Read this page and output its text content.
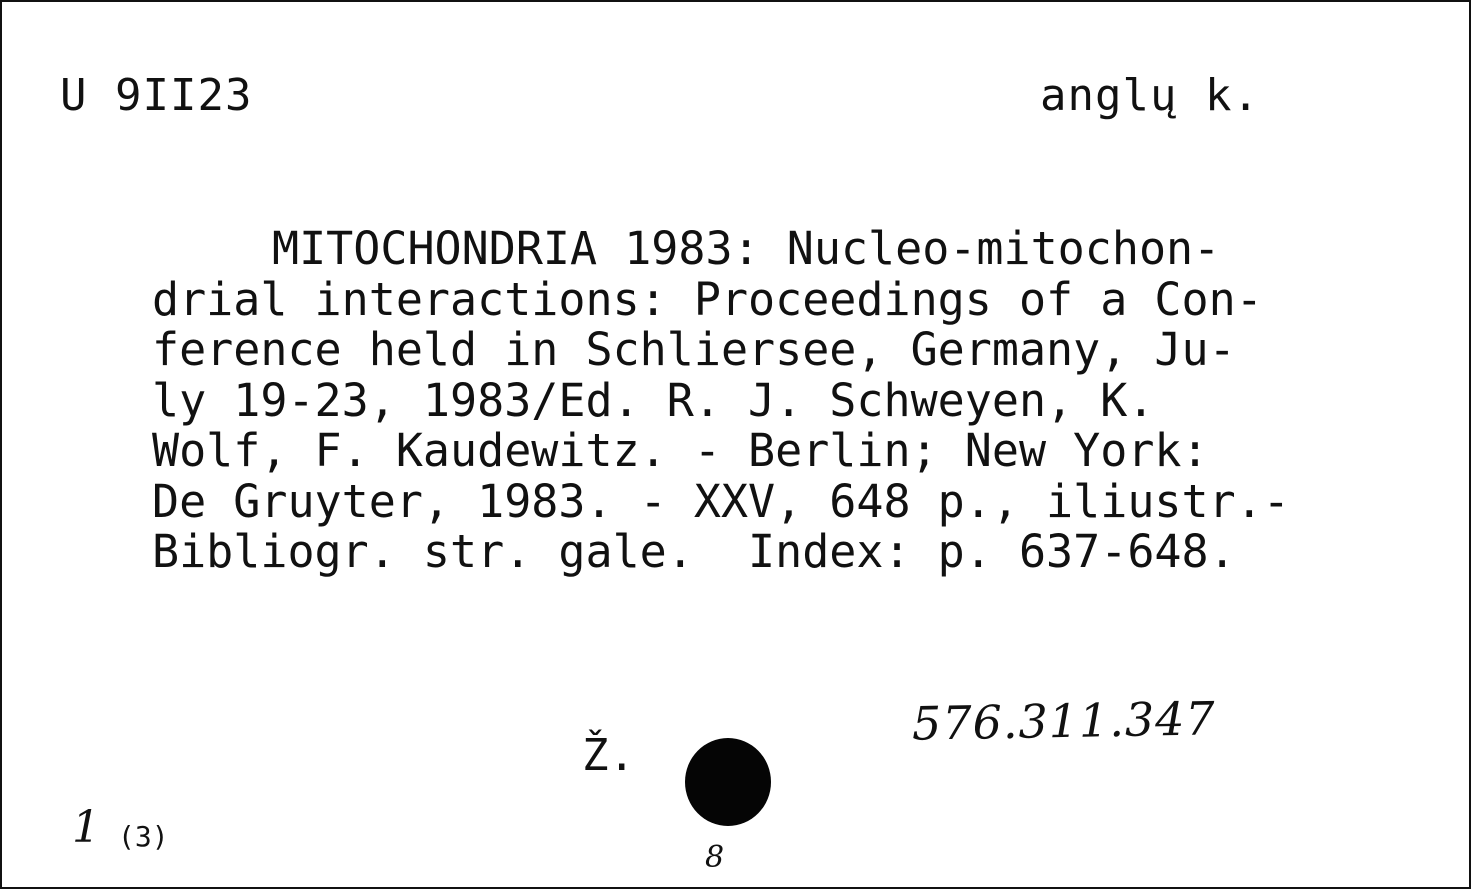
U 9II23	anglų k.
MITOCHONDRIA 1983: Nucleo-mitochon-
drial interactions: Proceedings of a Con-
ference held in Schliersee, Germany, Ju-
ly 19-23, 1983/Ed. R. J. Schweyen, K.
Wolf, F. Kaudewitz. - Berlin; New York:
De Gruyter, 1983. - XXV, 648 p., iliustr.-
Bibliogr. str. gale.  Index: p. 637-648.
Ž.
576.311.347
1 (3)
8
